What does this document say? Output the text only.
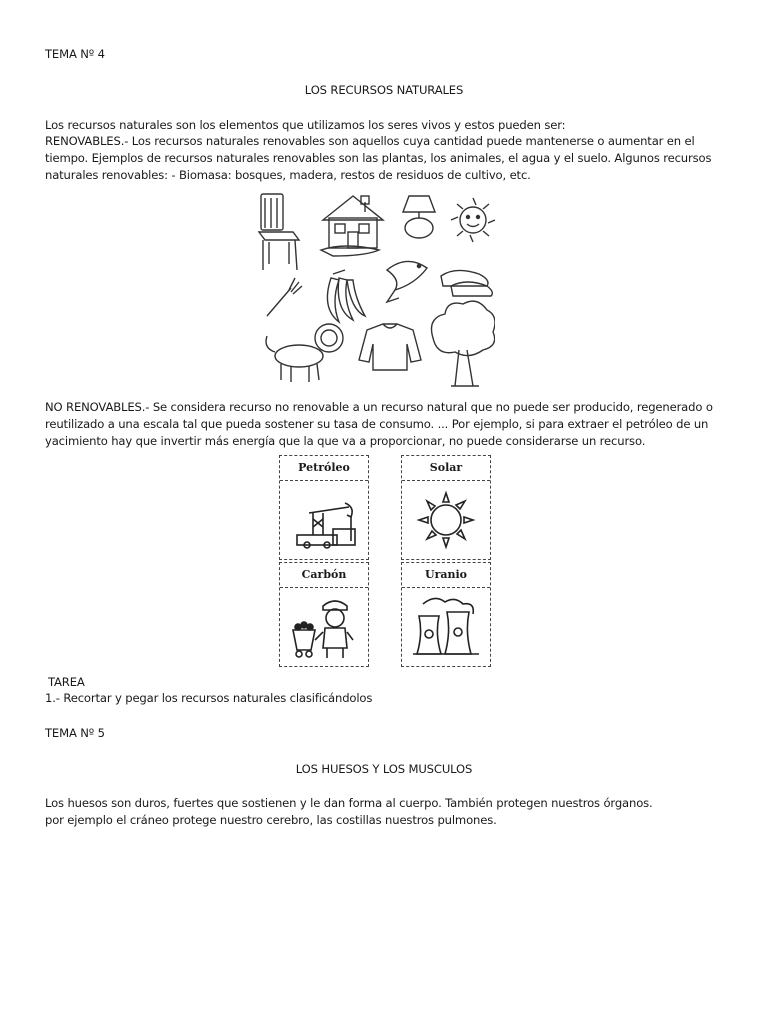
TEMA Nº 4

LOS RECURSOS NATURALES

Los recursos naturales son los elementos que utilizamos los seres vivos y estos pueden ser:

RENOVABLES.- Los recursos naturales renovables son aquellos cuya cantidad puede mantenerse o aumentar en el tiempo. Ejemplos de recursos naturales renovables son las plantas, los animales, el agua y el suelo. Algunos recursos naturales renovables: - Biomasa: bosques, madera, restos de residuos de cultivo, etc.

NO RENOVABLES.- Se considera recurso no renovable a un recurso natural que no puede ser producido, regenerado o reutilizado a una escala tal que pueda sostener su tasa de consumo. ... Por ejemplo, si para extraer el petróleo de un yacimiento hay que invertir más energía que la que va a proporcionar, no puede considerarse un recurso.

Petróleo	Solar
Carbón	Uranio

TAREA

1.- Recortar y pegar los recursos naturales clasificándolos

TEMA Nº 5

LOS HUESOS Y LOS MUSCULOS

Los huesos son duros, fuertes que sostienen y le dan forma al cuerpo. También protegen nuestros órganos.

por ejemplo el cráneo protege nuestro cerebro, las costillas nuestros pulmones.
